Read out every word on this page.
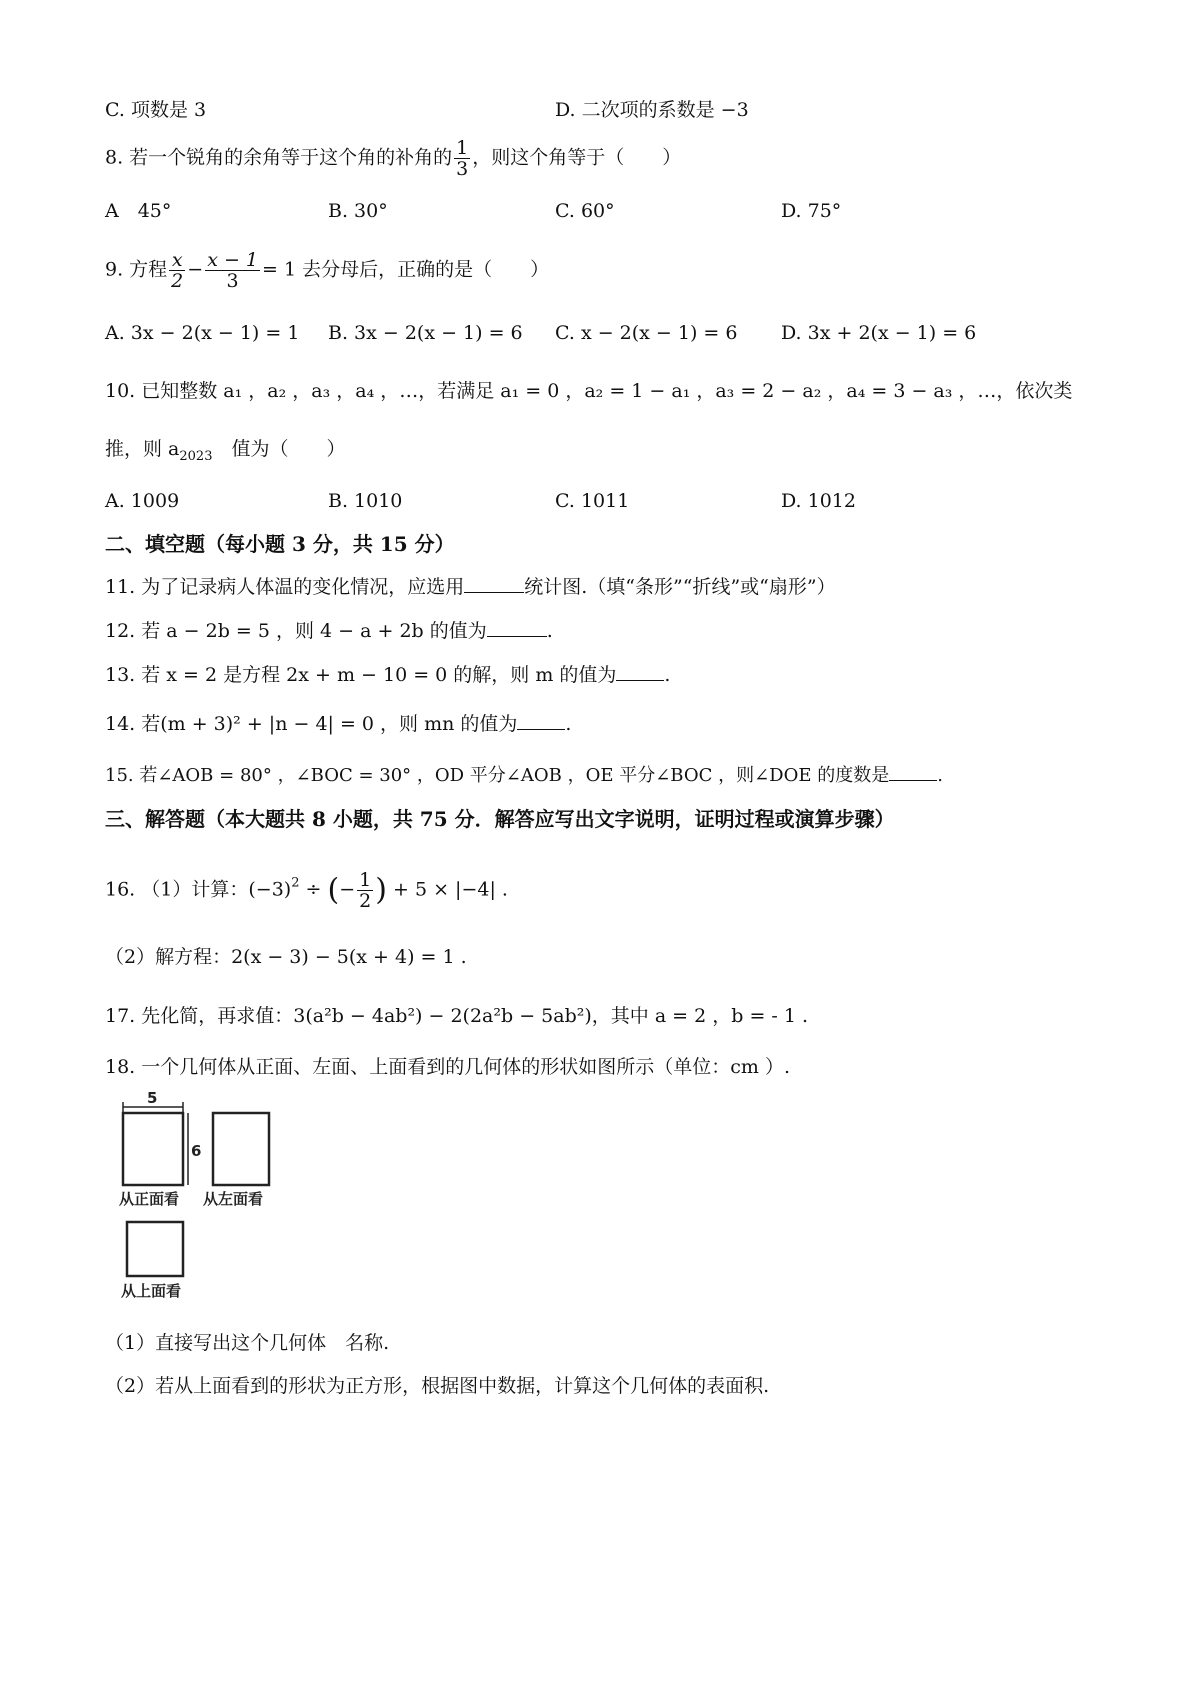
C. 项数是 3	D. 二次项的系数是 −3
8. 若一个锐角的余角等于这个角的补角的 $\frac{1}{3}$ ，则这个角等于（　　）
A　45°	B. 30°	C. 60°	D. 75°
9. 方程 $\frac{x}{2} - \frac{x - 1}{3} = 1$ 去分母后，正确的是（　　）
A. 3x − 2(x − 1) = 1 B. 3x − 2(x − 1) = 6 C. x − 2(x − 1) = 6 D. 3x + 2(x − 1) = 6
10. 已知整数 a₁ ，a₂ ，a₃ ，a₄ ，…，若满足 a₁ = 0 ，a₂ = 1 − a₁ ，a₃ = 2 − a₂ ，a₄ = 3 − a₃ ，…，依次类
推，则 $a_{2023}$　值为（　　）
A. 1009	B. 1010	C. 1011	D. 1012
二、填空题（每小题 3 分，共 15 分）
11. 为了记录病人体温的变化情况，应选用	统计图.（填“条形”“折线”或“扇形”）
12. 若 a − 2b = 5 ，则 4 − a + 2b 的值为	.
13. 若 x = 2 是方程 2x + m − 10 = 0 的解，则 m 的值为	.
14. 若(m + 3)² + |n − 4| = 0 ，则 mn 的值为	.
15. 若∠AOB = 80° ，∠BOC = 30° ，OD 平分∠AOB ，OE 平分∠BOC ，则∠DOE 的度数是	.
三、解答题（本大题共 8 小题，共 75 分．解答应写出文字说明，证明过程或演算步骤）
16. （1）计算：$(-3)^2$ ÷ (− $\frac{1}{2}$ ) + 5 × |−4| .
（2）解方程：2(x − 3) − 5(x + 4) = 1 .
17. 先化简，再求值：3(a²b − 4ab²) − 2(2a²b − 5ab²)，其中 a = 2 ，b = - 1 .
18. 一个几何体从正面、左面、上面看到的几何体的形状如图所示（单位：cm ）.
5
6
从正面看 从左面看
从上面看
（1）直接写出这个几何体　名称.
（2）若从上面看到的形状为正方形，根据图中数据，计算这个几何体的表面积.
